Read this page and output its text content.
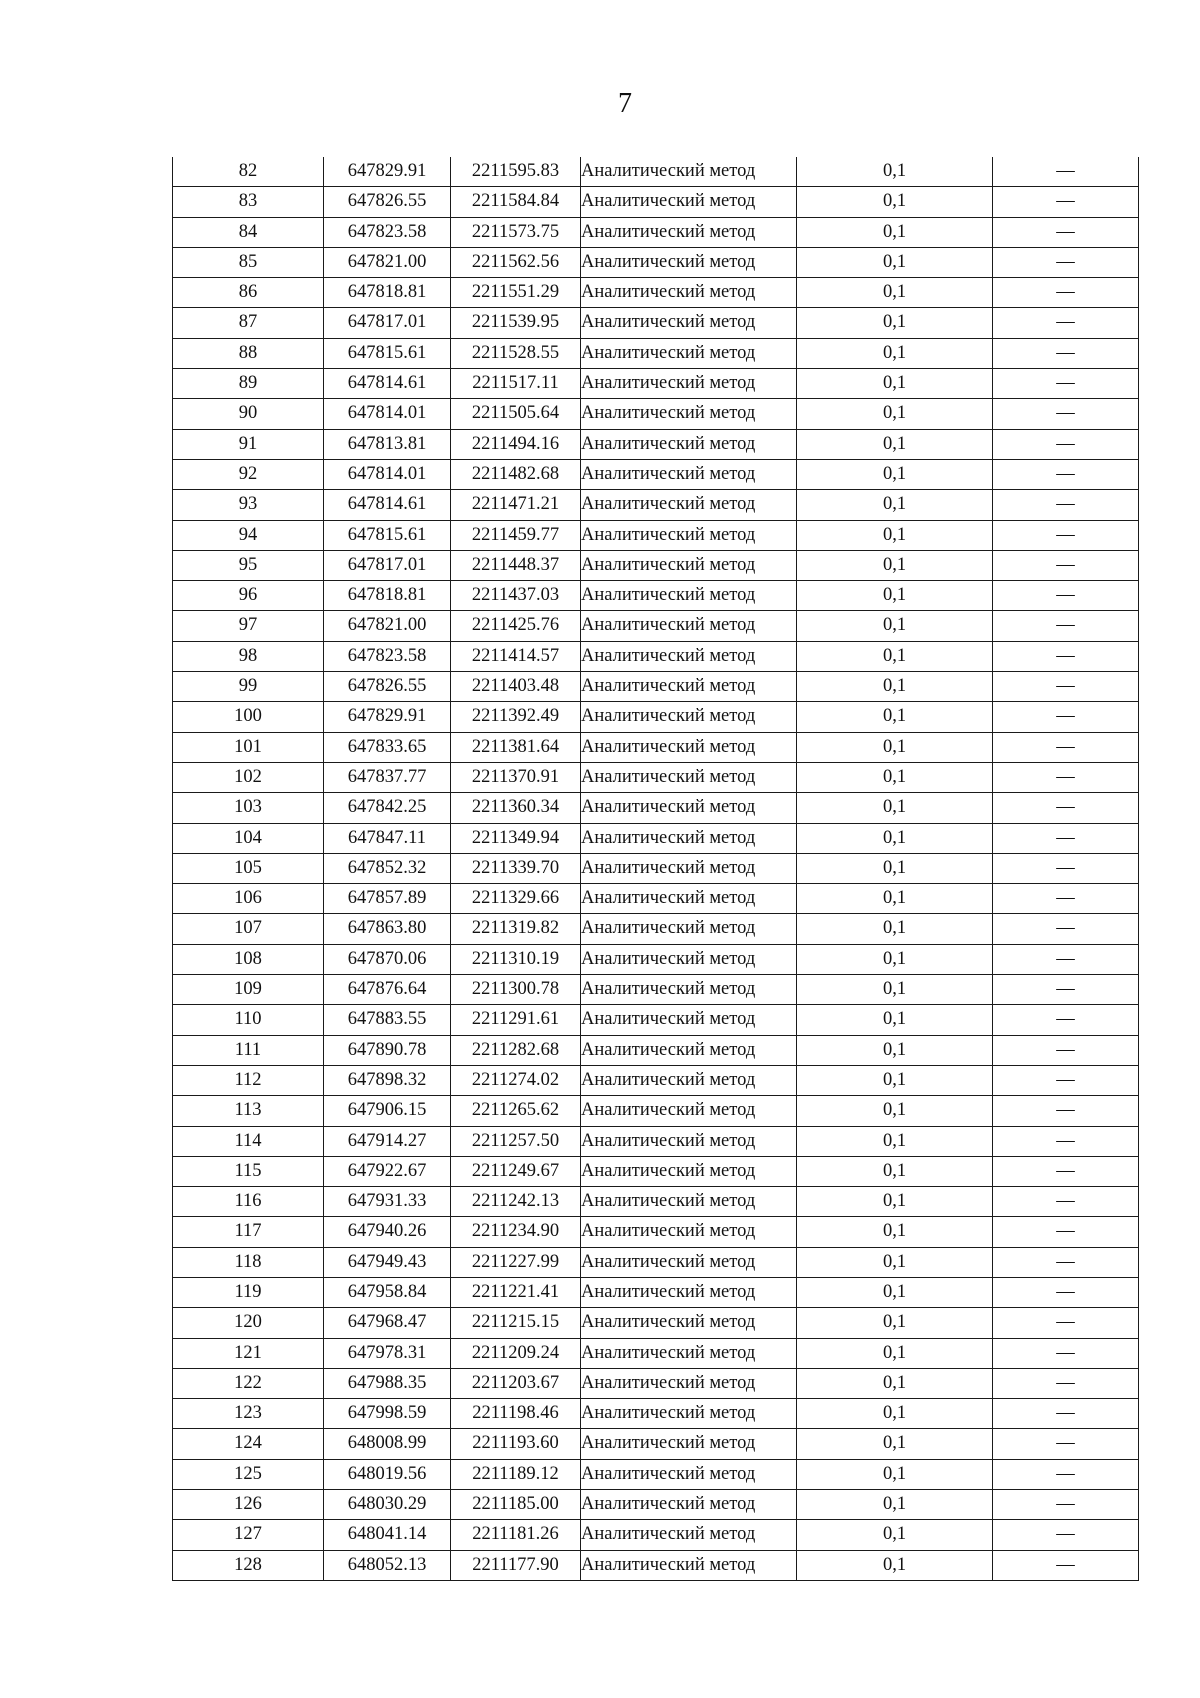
7
82	647829.91	2211595.83	Аналитический метод	0,1	—
83	647826.55	2211584.84	Аналитический метод	0,1	—
84	647823.58	2211573.75	Аналитический метод	0,1	—
85	647821.00	2211562.56	Аналитический метод	0,1	—
86	647818.81	2211551.29	Аналитический метод	0,1	—
87	647817.01	2211539.95	Аналитический метод	0,1	—
88	647815.61	2211528.55	Аналитический метод	0,1	—
89	647814.61	2211517.11	Аналитический метод	0,1	—
90	647814.01	2211505.64	Аналитический метод	0,1	—
91	647813.81	2211494.16	Аналитический метод	0,1	—
92	647814.01	2211482.68	Аналитический метод	0,1	—
93	647814.61	2211471.21	Аналитический метод	0,1	—
94	647815.61	2211459.77	Аналитический метод	0,1	—
95	647817.01	2211448.37	Аналитический метод	0,1	—
96	647818.81	2211437.03	Аналитический метод	0,1	—
97	647821.00	2211425.76	Аналитический метод	0,1	—
98	647823.58	2211414.57	Аналитический метод	0,1	—
99	647826.55	2211403.48	Аналитический метод	0,1	—
100	647829.91	2211392.49	Аналитический метод	0,1	—
101	647833.65	2211381.64	Аналитический метод	0,1	—
102	647837.77	2211370.91	Аналитический метод	0,1	—
103	647842.25	2211360.34	Аналитический метод	0,1	—
104	647847.11	2211349.94	Аналитический метод	0,1	—
105	647852.32	2211339.70	Аналитический метод	0,1	—
106	647857.89	2211329.66	Аналитический метод	0,1	—
107	647863.80	2211319.82	Аналитический метод	0,1	—
108	647870.06	2211310.19	Аналитический метод	0,1	—
109	647876.64	2211300.78	Аналитический метод	0,1	—
110	647883.55	2211291.61	Аналитический метод	0,1	—
111	647890.78	2211282.68	Аналитический метод	0,1	—
112	647898.32	2211274.02	Аналитический метод	0,1	—
113	647906.15	2211265.62	Аналитический метод	0,1	—
114	647914.27	2211257.50	Аналитический метод	0,1	—
115	647922.67	2211249.67	Аналитический метод	0,1	—
116	647931.33	2211242.13	Аналитический метод	0,1	—
117	647940.26	2211234.90	Аналитический метод	0,1	—
118	647949.43	2211227.99	Аналитический метод	0,1	—
119	647958.84	2211221.41	Аналитический метод	0,1	—
120	647968.47	2211215.15	Аналитический метод	0,1	—
121	647978.31	2211209.24	Аналитический метод	0,1	—
122	647988.35	2211203.67	Аналитический метод	0,1	—
123	647998.59	2211198.46	Аналитический метод	0,1	—
124	648008.99	2211193.60	Аналитический метод	0,1	—
125	648019.56	2211189.12	Аналитический метод	0,1	—
126	648030.29	2211185.00	Аналитический метод	0,1	—
127	648041.14	2211181.26	Аналитический метод	0,1	—
128	648052.13	2211177.90	Аналитический метод	0,1	—
